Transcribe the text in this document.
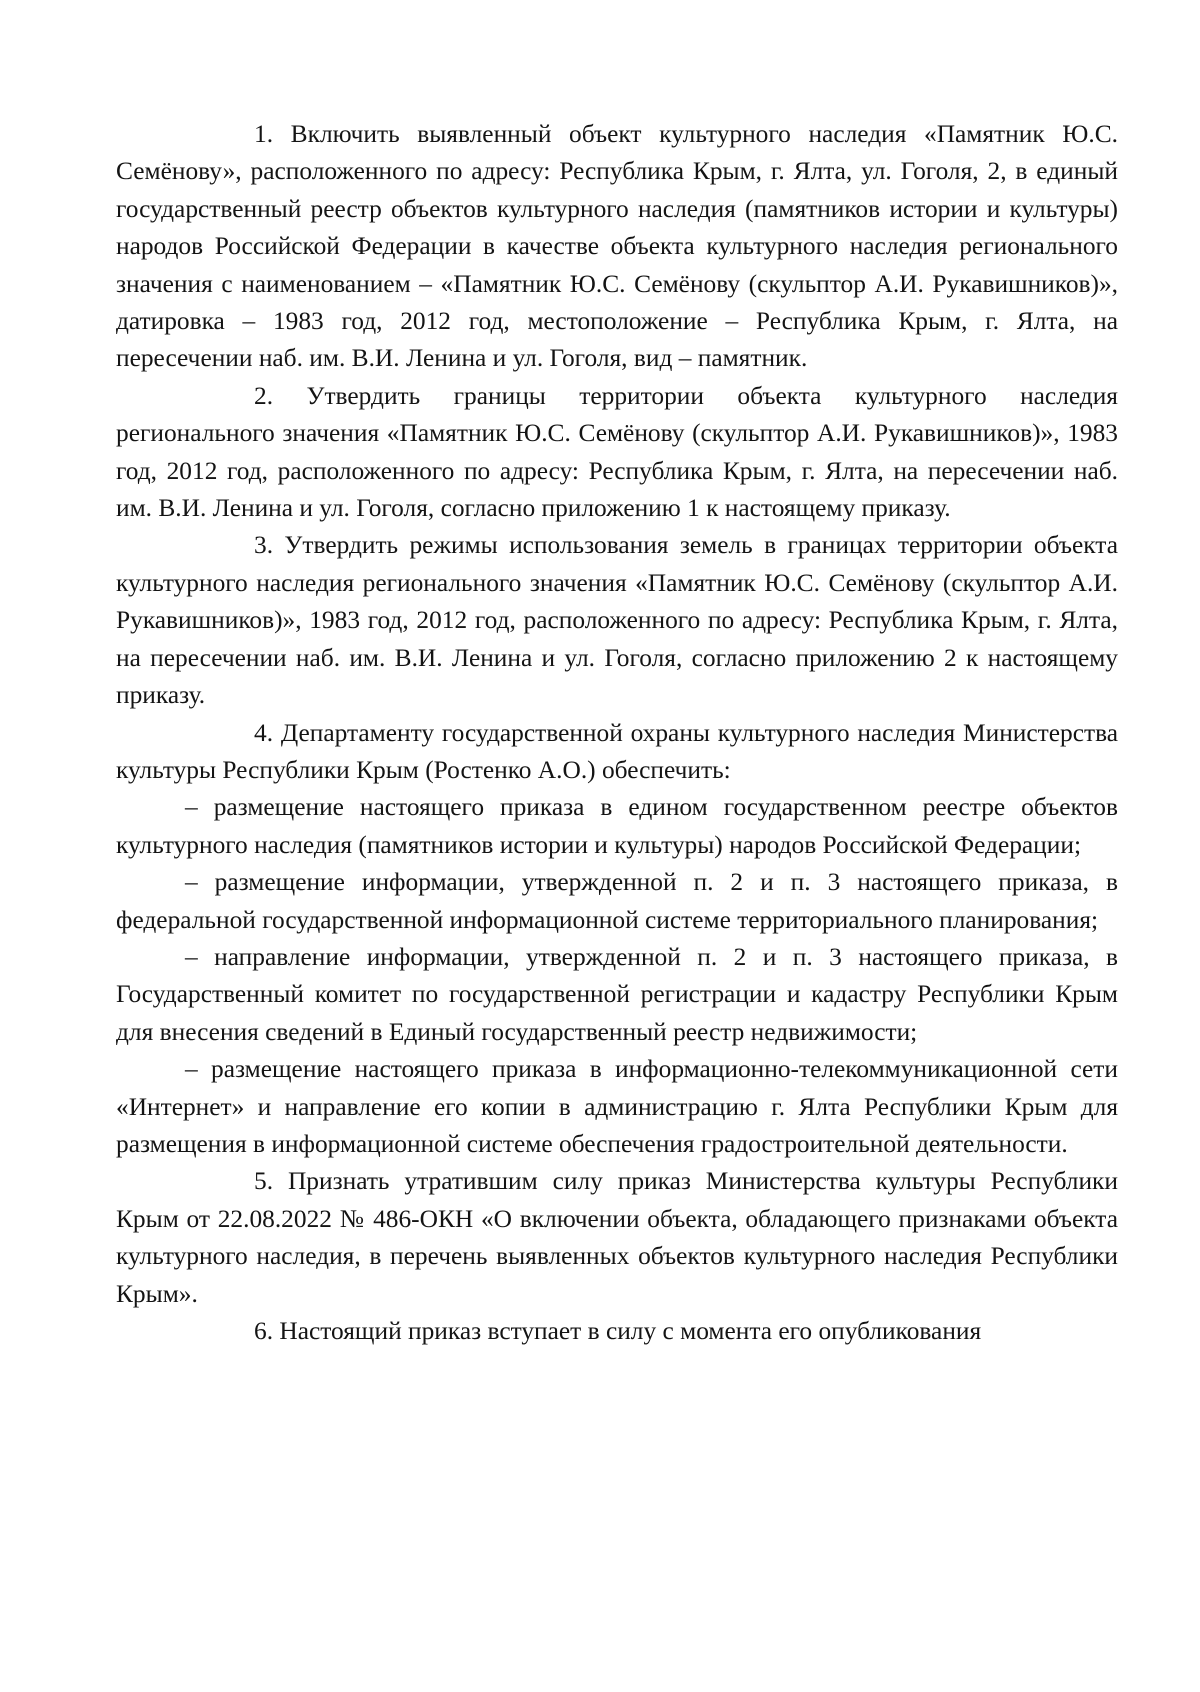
1. Включить выявленный объект культурного наследия «Памятник Ю.С. Семёнову», расположенного по адресу: Республика Крым, г. Ялта, ул. Гоголя, 2, в единый государственный реестр объектов культурного наследия (памятников истории и культуры) народов Российской Федерации в качестве объекта культурного наследия регионального значения с наименованием – «Памятник Ю.С. Семёнову (скульптор А.И. Рукавишников)», датировка – 1983 год, 2012 год, местоположение – Республика Крым, г. Ялта, на пересечении наб. им. В.И. Ленина и ул. Гоголя, вид – памятник.

2. Утвердить границы территории объекта культурного наследия регионального значения «Памятник Ю.С. Семёнову (скульптор А.И. Рукавишников)», 1983 год, 2012 год, расположенного по адресу: Республика Крым, г. Ялта, на пересечении наб. им. В.И. Ленина и ул. Гоголя, согласно приложению 1 к настоящему приказу.

3. Утвердить режимы использования земель в границах территории объекта культурного наследия регионального значения «Памятник Ю.С. Семёнову (скульптор А.И. Рукавишников)», 1983 год, 2012 год, расположенного по адресу: Республика Крым, г. Ялта, на пересечении наб. им. В.И. Ленина и ул. Гоголя, согласно приложению 2 к настоящему приказу.

4. Департаменту государственной охраны культурного наследия Министерства культуры Республики Крым (Ростенко А.О.) обеспечить:

– размещение настоящего приказа в едином государственном реестре объектов культурного наследия (памятников истории и культуры) народов Российской Федерации;

– размещение информации, утвержденной п. 2 и п. 3 настоящего приказа, в федеральной государственной информационной системе территориального планирования;

– направление информации, утвержденной п. 2 и п. 3 настоящего приказа, в Государственный комитет по государственной регистрации и кадастру Республики Крым для внесения сведений в Единый государственный реестр недвижимости;

– размещение настоящего приказа в информационно-телекоммуникационной сети «Интернет» и направление его копии в администрацию г. Ялта Республики Крым для размещения в информационной системе обеспечения градостроительной деятельности.

5. Признать утратившим силу приказ Министерства культуры Республики Крым от 22.08.2022 № 486-ОКН «О включении объекта, обладающего признаками объекта культурного наследия, в перечень выявленных объектов культурного наследия Республики Крым».

6. Настоящий приказ вступает в силу с момента его опубликования
